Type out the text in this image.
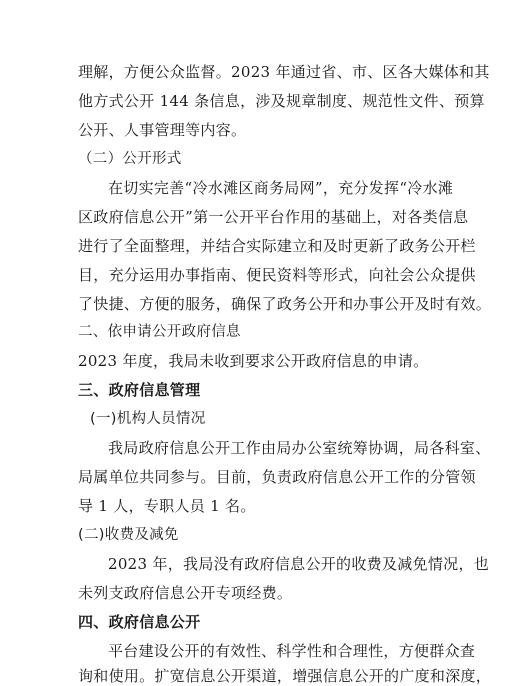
理解，方便公众监督。2023 年通过省、市、区各大媒体和其
他方式公开 144 条信息，涉及规章制度、规范性文件、预算
公开、人事管理等内容。
（二）公开形式
在切实完善“冷水滩区商务局网”，充分发挥“冷水滩
区政府信息公开”第一公开平台作用的基础上，对各类信息
进行了全面整理，并结合实际建立和及时更新了政务公开栏
目，充分运用办事指南、便民资料等形式，向社会公众提供
了快捷、方便的服务，确保了政务公开和办事公开及时有效。
二、依申请公开政府信息
2023 年度，我局未收到要求公开政府信息的申请。
三、政府信息管理
(一)机构人员情况
我局政府信息公开工作由局办公室统筹协调，局各科室、
局属单位共同参与。目前，负责政府信息公开工作的分管领
导 1 人，专职人员 1 名。
(二)收费及减免
2023 年，我局没有政府信息公开的收费及减免情况，也
未列支政府信息公开专项经费。
四、政府信息公开
平台建设公开的有效性、科学性和合理性，方便群众查
询和使用。扩宽信息公开渠道，增强信息公开的广度和深度，
